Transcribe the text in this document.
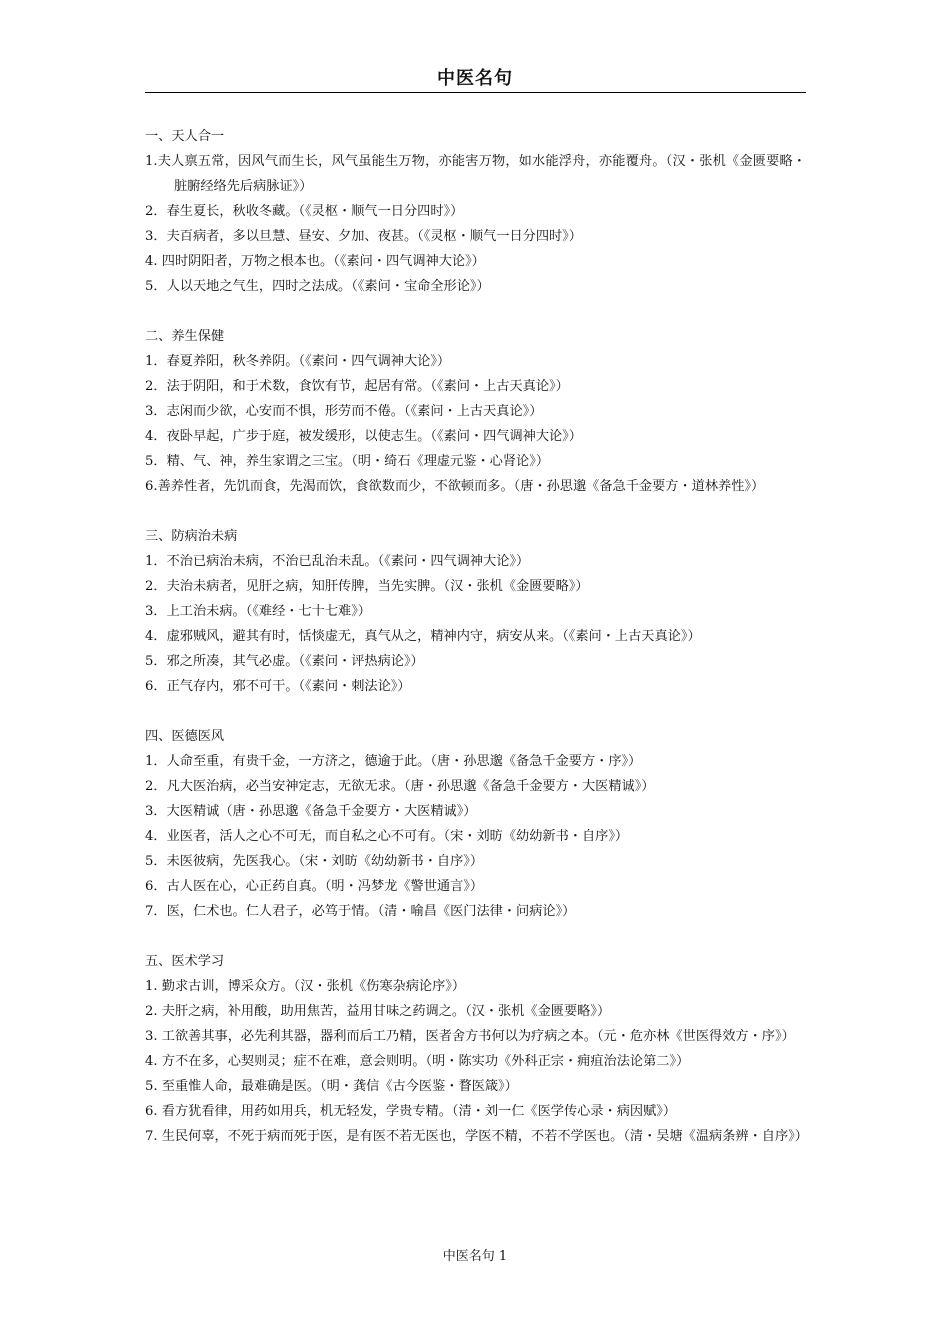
中医名句
一、天人合一
1.夫人禀五常，因风气而生长，风气虽能生万物，亦能害万物，如水能浮舟，亦能覆舟。（汉・张机《金匮要略・脏腑经络先后病脉证》）
2．春生夏长，秋收冬藏。（《灵枢・顺气一日分四时》）
3．夫百病者，多以旦慧、昼安、夕加、夜甚。（《灵枢・顺气一日分四时》）
4. 四时阴阳者，万物之根本也。（《素问・四气调神大论》）
5．人以天地之气生，四时之法成。（《素问・宝命全形论》）
二、养生保健
1．春夏养阳，秋冬养阴。（《素问・四气调神大论》）
2．法于阴阳，和于术数，食饮有节，起居有常。（《素问・上古天真论》）
3．志闲而少欲，心安而不惧，形劳而不倦。（《素问・上古天真论》）
4．夜卧早起，广步于庭，被发缓形，以使志生。（《素问・四气调神大论》）
5．精、气、神，养生家谓之三宝。（明・绮石《理虚元鉴・心肾论》）
6.善养性者，先饥而食，先渴而饮，食欲数而少，不欲顿而多。（唐・孙思邈《备急千金要方・道林养性》）
三、防病治未病
1．不治已病治未病，不治已乱治未乱。（《素问・四气调神大论》）
2．夫治未病者，见肝之病，知肝传脾，当先实脾。（汉・张机《金匮要略》）
3．上工治未病。（《难经・七十七难》）
4．虚邪贼风，避其有时，恬惔虚无，真气从之，精神内守，病安从来。（《素问・上古天真论》）
5．邪之所凑，其气必虚。（《素问・评热病论》）
6．正气存内，邪不可干。（《素问・刺法论》）
四、医德医风
1．人命至重，有贵千金，一方济之，德逾于此。（唐・孙思邈《备急千金要方・序》）
2．凡大医治病，必当安神定志，无欲无求。（唐・孙思邈《备急千金要方・大医精诚》）
3．大医精诚（唐・孙思邈《备急千金要方・大医精诚》）
4．业医者，活人之心不可无，而自私之心不可有。（宋・刘昉《幼幼新书・自序》）
5．未医彼病，先医我心。（宋・刘昉《幼幼新书・自序》）
6．古人医在心，心正药自真。（明・冯梦龙《警世通言》）
7．医，仁术也。仁人君子，必笃于情。（清・喻昌《医门法律・问病论》）
五、医术学习
1. 勤求古训，博采众方。（汉・张机《伤寒杂病论序》）
2. 夫肝之病，补用酸，助用焦苦，益用甘味之药调之。（汉・张机《金匮要略》）
3. 工欲善其事，必先利其器，器利而后工乃精，医者舍方书何以为疗病之本。（元・危亦林《世医得效方・序》）
4. 方不在多，心契则灵；症不在难，意会则明。（明・陈实功《外科正宗・痈疽治法论第二》）
5. 至重惟人命，最难确是医。（明・龚信《古今医鉴・瞀医箴》）
6. 看方犹看律，用药如用兵，机无轻发，学贵专精。（清・刘一仁《医学传心录・病因赋》）
7. 生民何辜，不死于病而死于医，是有医不若无医也，学医不精，不若不学医也。（清・吴塘《温病条辨・自序》）
中医名句 1
